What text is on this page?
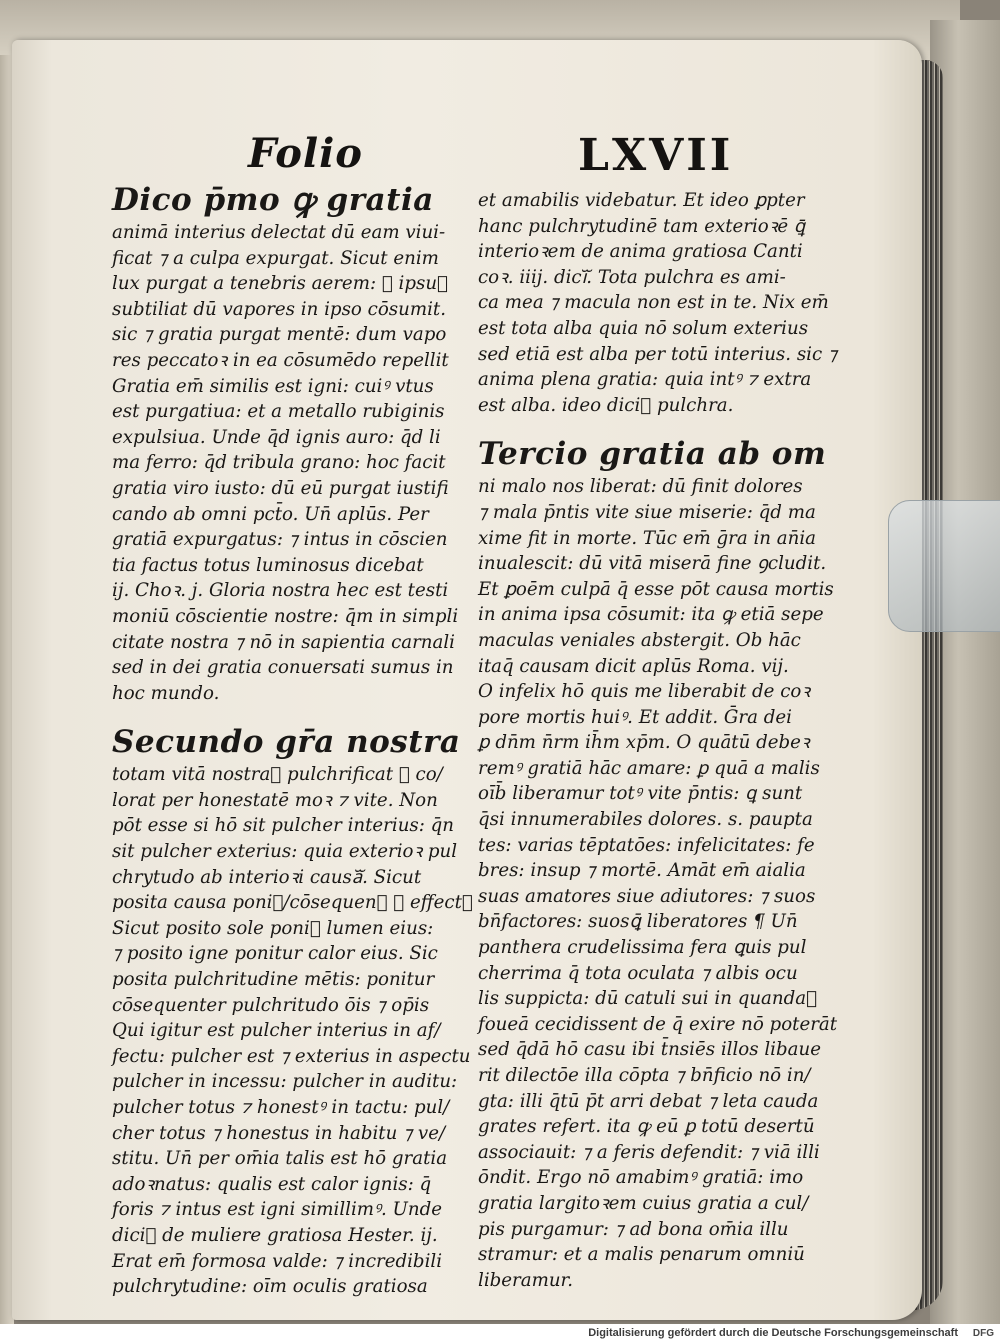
Folio	LXVII
Dico p̄mo ꝙ gratia
animā interius delectat dū eam viui-
ficat ⁊ a culpa expurgat. Sicut enim
lux purgat a tenebris aerem: ⁊ ipsuᷓ
subtiliat dū vapores in ipso cōsumit.
sic ⁊ gratia purgat mentē: dum vapo
res peccatoꝛ in ea cōsumēdo repellit
Gratia em̄ similis est igni: cuiꝰ vtus
est purgatiua: et a metallo rubiginis
expulsiua. Unde q̄d ignis auro: q̄d li
ma ferro: q̄d tribula grano: hoc facit
gratia viro iusto: dū eū purgat iustifi
cando ab omni pct̄o. Un̄ aplūs. Per
gratiā expurgatus: ⁊ intus in cōscien
tia factus totus luminosus dicebat
ij. Choꝛ. j. Gloria nostra hec est testi
moniū cōscientie nostre: q̄m in simpli
citate nostra ⁊ nō in sapientia carnali
sed in dei gratia conuersati sumus in
hoc mundo.
Secundo gr̄a nostra
totam vitā nostraᷓ pulchrificat ⁊ co/
lorat per honestatē moꝛ ⁊ vite. Non
pōt esse si hō sit pulcher interius: q̄n
sit pulcher exterius: quia exterioꝛ pul
chrytudo ab interioꝛi causaᷓ. Sicut
posita causa poniᷓ/cōsequenᷓ ⁊ effectꝰ
Sicut posito sole poniᷓ lumen eius:
⁊ posito igne ponitur calor eius. Sic
posita pulchritudine mētis: ponitur
cōsequenter pulchritudo ōis ⁊ op̄is
Qui igitur est pulcher interius in af/
fectu: pulcher est ⁊ exterius in aspectu
pulcher in incessu: pulcher in auditu:
pulcher totus ⁊ honestꝰ in tactu: pul/
cher totus ⁊ honestus in habitu ⁊ ve/
stitu. Un̄ per om̄ia talis est hō gratia
adoꝛnatus: qualis est calor ignis: q̄
foris ⁊ intus est igni simillimꝰ. Unde
diciᷓ de muliere gratiosa Hester. ij.
Erat em̄ formosa valde: ⁊ incredibili
pulchrytudine: oīm oculis gratiosa
et amabilis videbatur. Et ideo ꝑpter
hanc pulchrytudinē tam exterioꝛē ꝗ̄
interioꝛem de anima gratiosa Canti
coꝛ. iiij. diciᷓ. Tota pulchra es ami-
ca mea ⁊ macula non est in te. Nix em̄
est tota alba quia nō solum exterius
sed etiā est alba per totū interius. sic ⁊
anima plena gratia: quia intꝰ ⁊ extra
est alba. ideo diciᷓ pulchra.
Tercio gratia ab om
ni malo nos liberat: dū finit dolores
⁊ mala p̄ntis vite siue miserie: q̄d ma
xime fit in morte. Tūc em̄ ḡra in an̄ia
inualescit: dū vitā miserā fine ꝯcludit.
Et ꝑoēm culpā q̄ esse pōt causa mortis
in anima ipsa cōsumit: ita ꝙ etiā sepe
maculas veniales abstergit. Ob hāc
itaq̄ causam dicit aplūs Roma. vij.
O infelix hō quis me liberabit de coꝛ
pore mortis huiꝰ. Et addit. Ḡra dei
ꝑ dn̄m n̄rm ih̄m xp̄m. O quātū debeꝛ
remꝰ gratiā hāc amare: ꝑ quā a malis
oīb̄ liberamur totꝰ vite p̄ntis: ꝗ sunt
q̄si innumerabiles dolores. s. paupta
tes: varias tēptatōes: infelicitates: fe
bres: insup ⁊ mortē. Amāt em̄ aialia
suas amatores siue adiutores: ⁊ suos
bn̄factores: suosꝗ̄ liberatores ¶ Un̄
panthera crudelissima fera ꝗuis pul
cherrima q̄ tota oculata ⁊ albis ocu
lis suppicta: dū catuli sui in quandaᷓ
foueā cecidissent de q̄ exire nō poterāt
sed q̄dā hō casu ibi t̄nsiēs illos libaue
rit dilectōe illa cōpta ⁊ bn̄ficio nō in/
gta: illi q̄tū p̄t arri debat ⁊ leta cauda
grates refert. ita ꝙ eū ꝑ totū desertū
associauit: ⁊ a feris defendit: ⁊ viā illi
ōndit. Ergo nō amabimꝰ gratiā: imo
gratia largitoꝛem cuius gratia a cul/
pis purgamur: ⁊ ad bona om̄ia illu
stramur: et a malis penarum omniū
liberamur.
Digitalisierung gefördert durch die Deutsche Forschungsgemeinschaft	DFG
